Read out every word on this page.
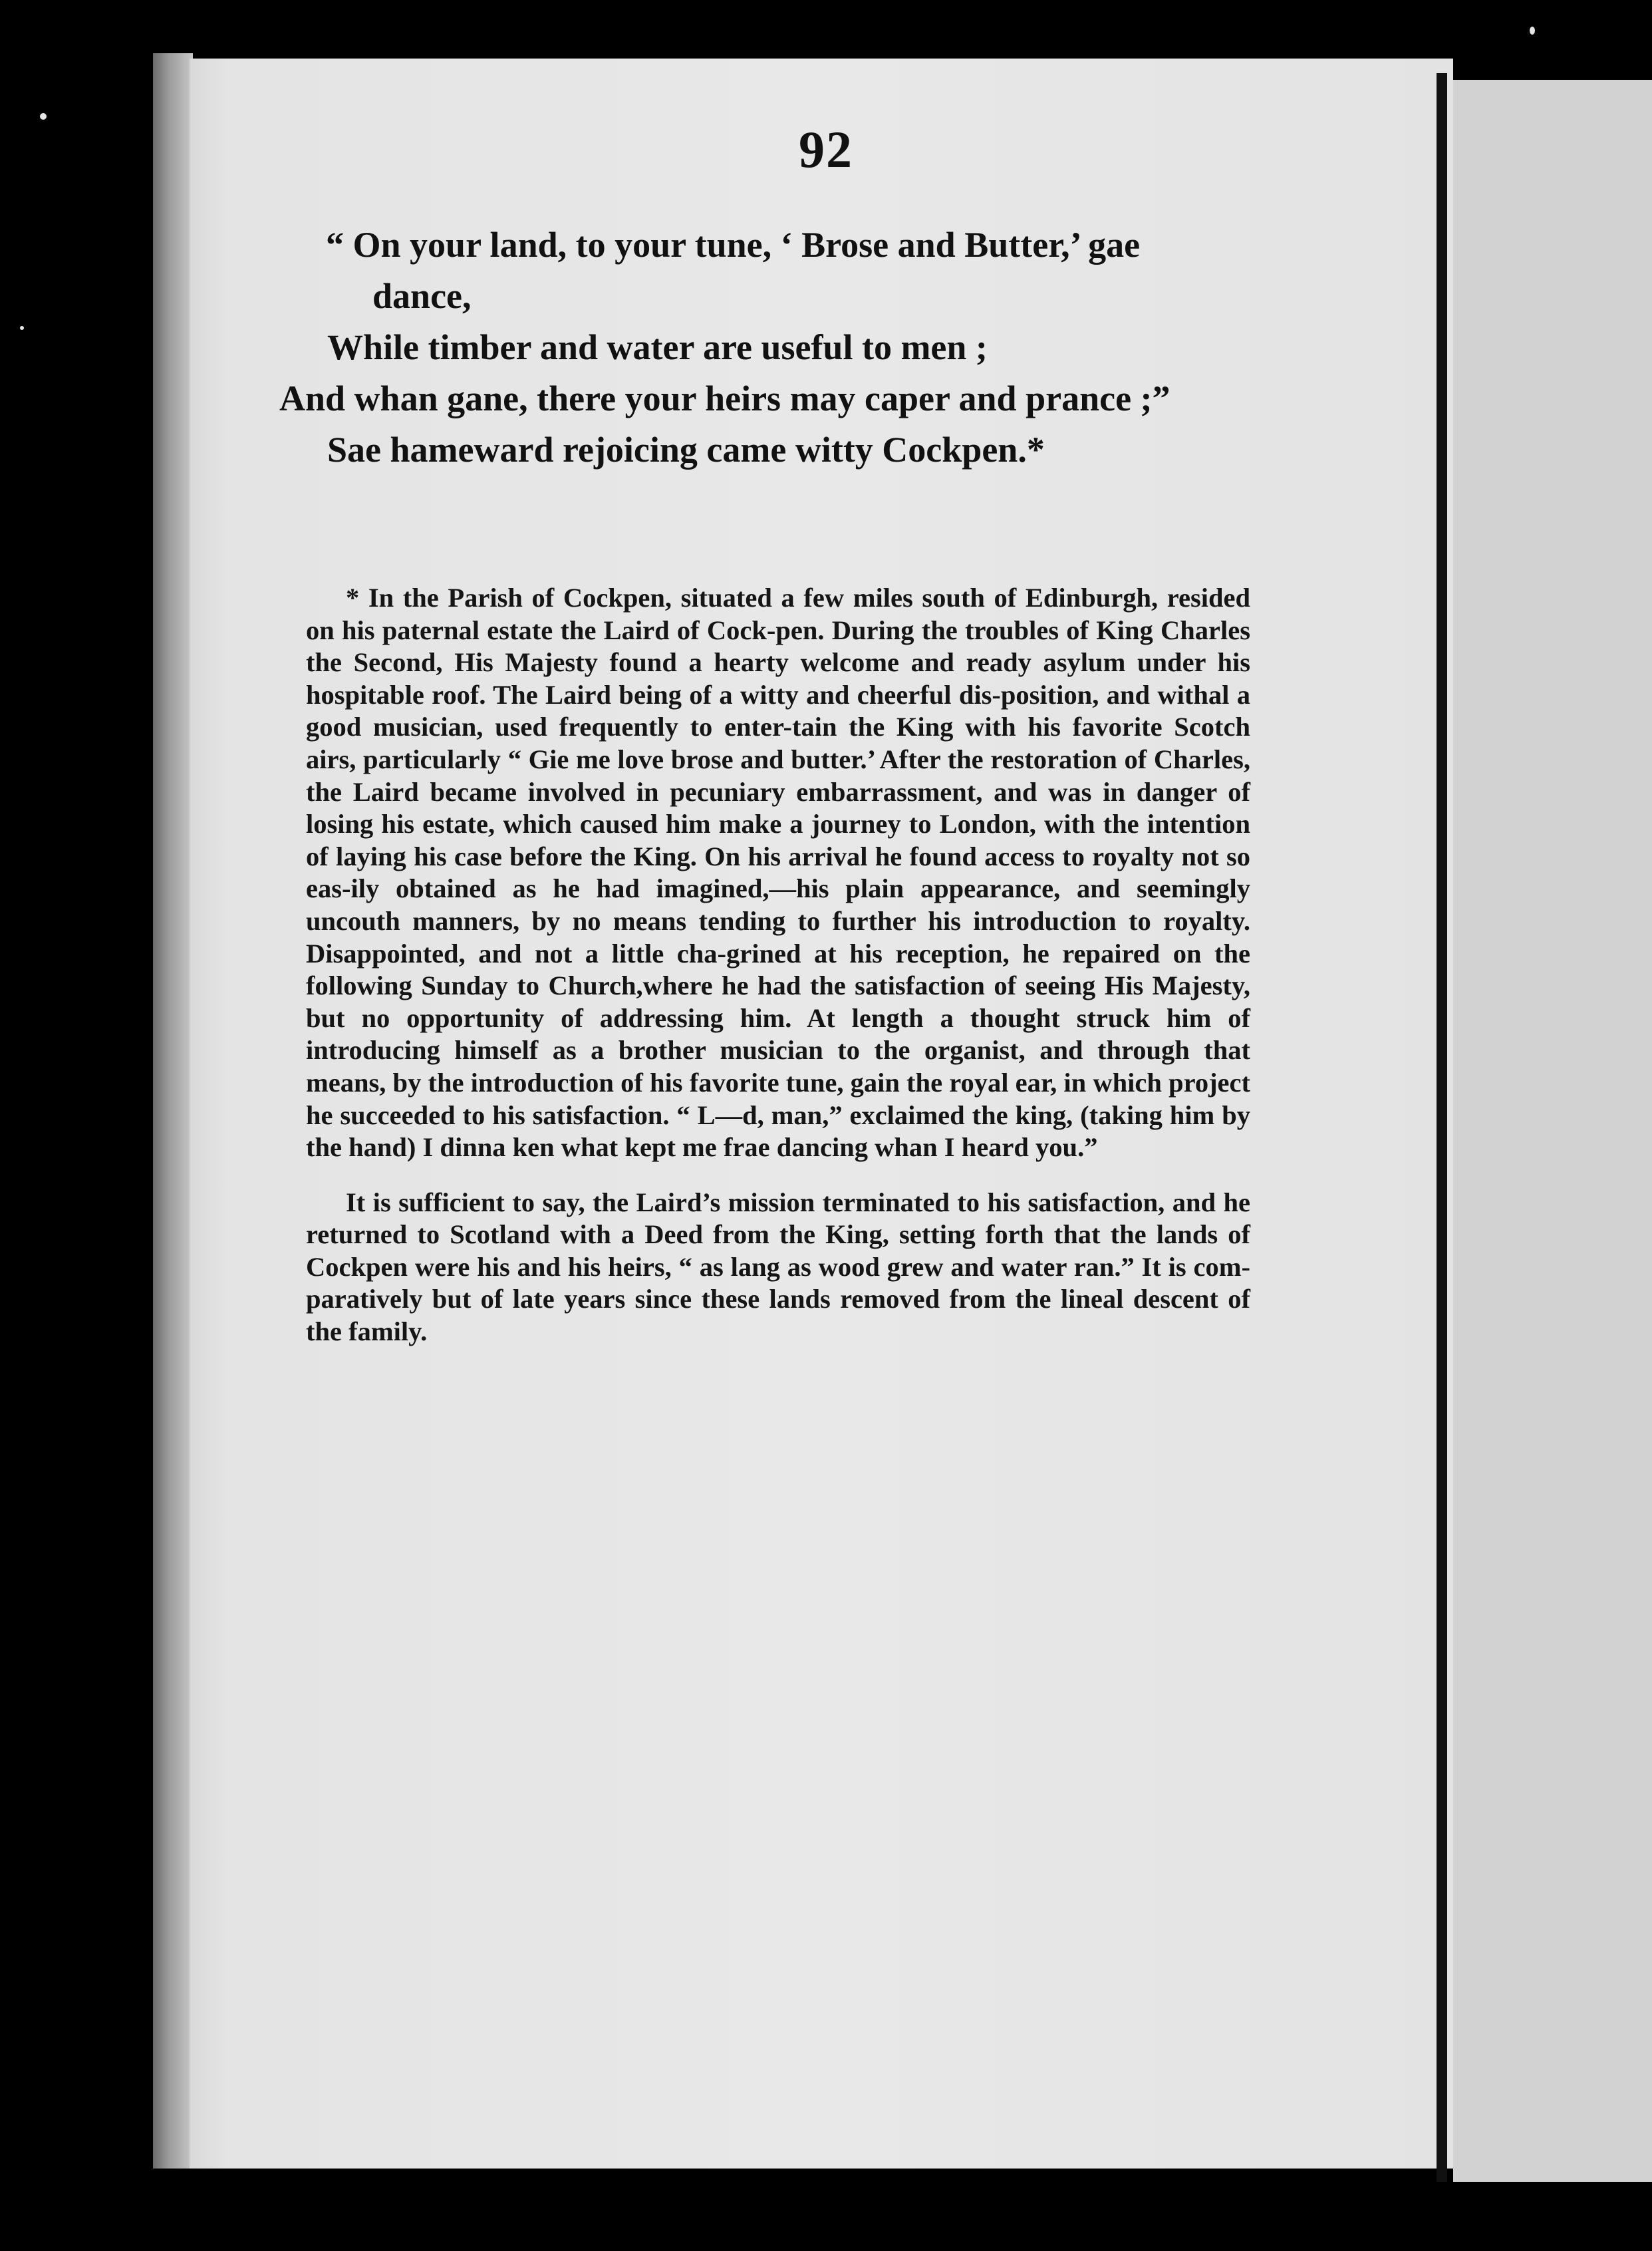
92
“ On your land, to your tune, ‘ Brose and Butter,’ gae
dance,
While timber and water are useful to men ;
And whan gane, there your heirs may caper and prance ;”
Sae hameward rejoicing came witty Cockpen.*

* In the Parish of Cockpen, situated a few miles south of Edinburgh, resided on his paternal estate the Laird of Cock-pen. During the troubles of King Charles the Second, His Majesty found a hearty welcome and ready asylum under his hospitable roof. The Laird being of a witty and cheerful dis-position, and withal a good musician, used frequently to enter-tain the King with his favorite Scotch airs, particularly “ Gie me love brose and butter.’ After the restoration of Charles, the Laird became involved in pecuniary embarrassment, and was in danger of losing his estate, which caused him make a journey to London, with the intention of laying his case before the King. On his arrival he found access to royalty not so eas-ily obtained as he had imagined,—his plain appearance, and seemingly uncouth manners, by no means tending to further his introduction to royalty. Disappointed, and not a little cha-grined at his reception, he repaired on the following Sunday to Church,where he had the satisfaction of seeing His Majesty, but no opportunity of addressing him. At length a thought struck him of introducing himself as a brother musician to the organist, and through that means, by the introduction of his favorite tune, gain the royal ear, in which project he succeeded to his satisfaction. “ L—d, man,” exclaimed the king, (taking him by the hand) I dinna ken what kept me frae dancing whan I heard you.”

It is sufficient to say, the Laird’s mission terminated to his satisfaction, and he returned to Scotland with a Deed from the King, setting forth that the lands of Cockpen were his and his heirs, “ as lang as wood grew and water ran.” It is com-paratively but of late years since these lands removed from the lineal descent of the family.
